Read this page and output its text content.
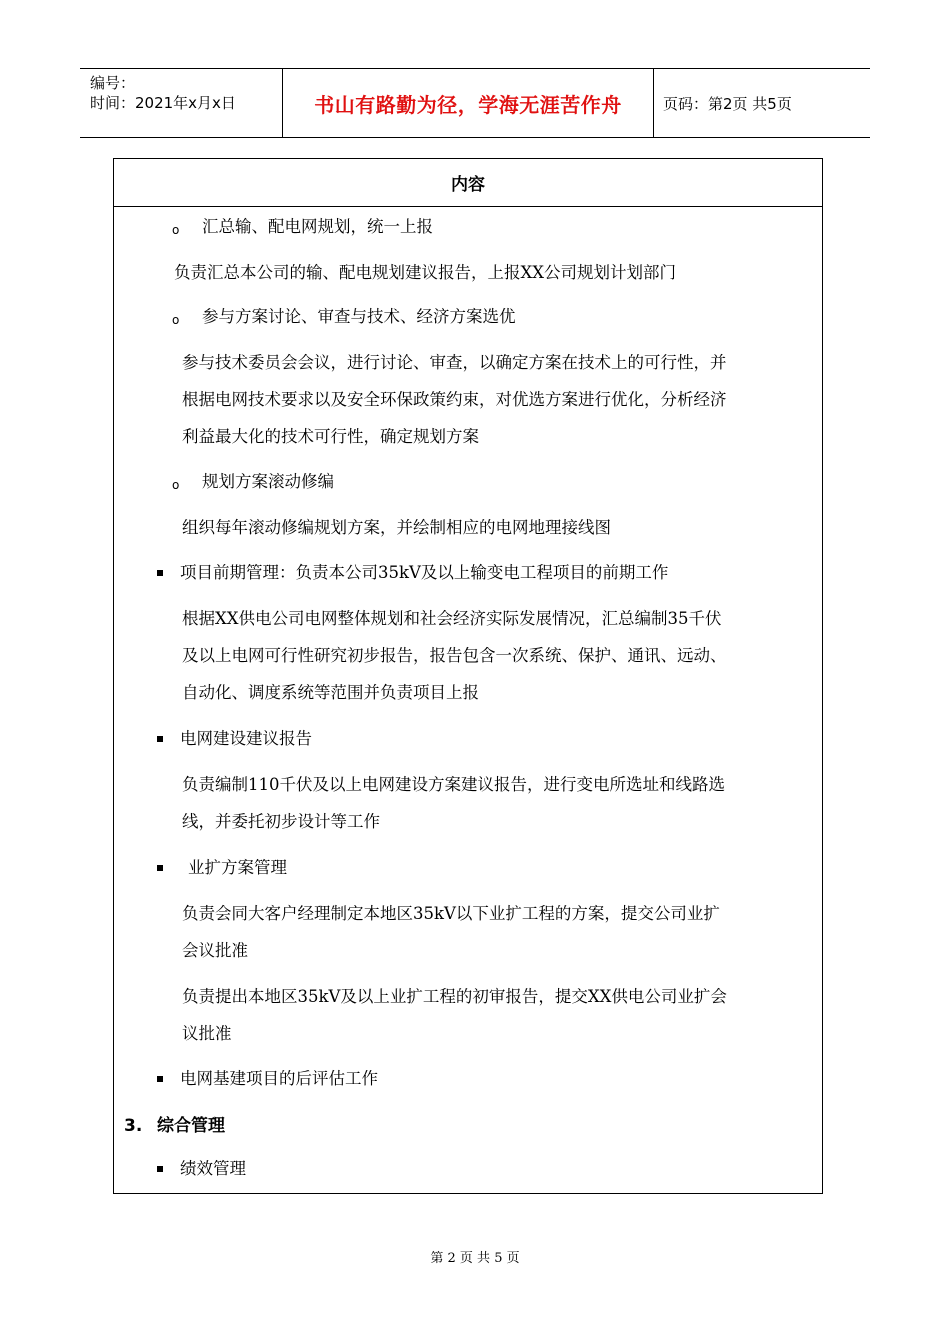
编号：
时间：2021年x月x日	书山有路勤为径，学海无涯苦作舟	页码：第2页 共5页
内容
o 汇总输、配电网规划，统一上报
负责汇总本公司的输、配电规划建议报告，上报XX公司规划计划部门
o 参与方案讨论、审查与技术、经济方案选优
参与技术委员会会议，进行讨论、审查，以确定方案在技术上的可行性，并
根据电网技术要求以及安全环保政策约束，对优选方案进行优化，分析经济
利益最大化的技术可行性，确定规划方案
o 规划方案滚动修编
组织每年滚动修编规划方案，并绘制相应的电网地理接线图
项目前期管理：负责本公司35kV及以上输变电工程项目的前期工作
根据XX供电公司电网整体规划和社会经济实际发展情况，汇总编制35千伏
及以上电网可行性研究初步报告，报告包含一次系统、保护、通讯、远动、
自动化、调度系统等范围并负责项目上报
电网建设建议报告
负责编制110千伏及以上电网建设方案建议报告，进行变电所选址和线路选
线，并委托初步设计等工作
业扩方案管理
负责会同大客户经理制定本地区35kV以下业扩工程的方案，提交公司业扩
会议批准
负责提出本地区35kV及以上业扩工程的初审报告，提交XX供电公司业扩会
议批准
电网基建项目的后评估工作
3. 综合管理
绩效管理
第 2 页 共 5 页
